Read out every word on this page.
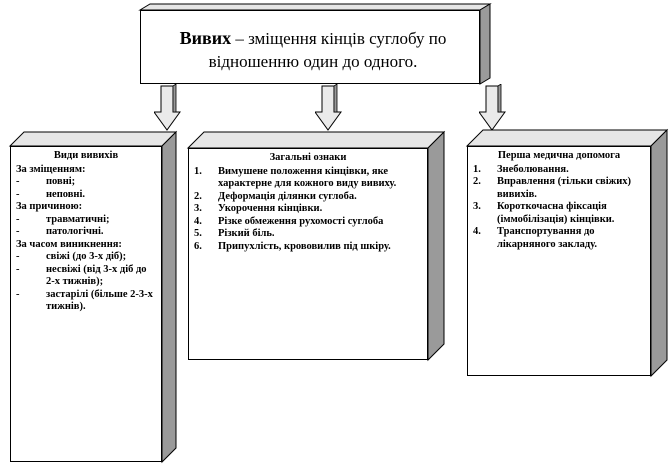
Вивих – зміщення кінців суглобу по відношенню один до одного.
Види вивихів
За зміщенням:
- повні;
- неповні.
За причиною:
- травматичні;
- патологічні.
За часом виникнення:
- свіжі (до 3-х діб);
- несвіжі (від 3-х діб до 2-х тижнів);
- застарілі (більше 2-3-х тижнів).
Загальні ознаки
1. Вимушене положення кінцівки, яке характерне для кожного виду вивиху.
2. Деформація ділянки суглоба.
3. Укорочення кінцівки.
4. Різке обмеження рухомості суглоба
5. Різкий біль.
6. Припухлість, крововилив під шкіру.
Перша медична допомога
1. Знеболювання.
2. Вправлення (тільки свіжих) вивихів.
3. Короткочасна фіксація (іммобілізація) кінцівки.
4. Транспортування до лікарняного закладу.
